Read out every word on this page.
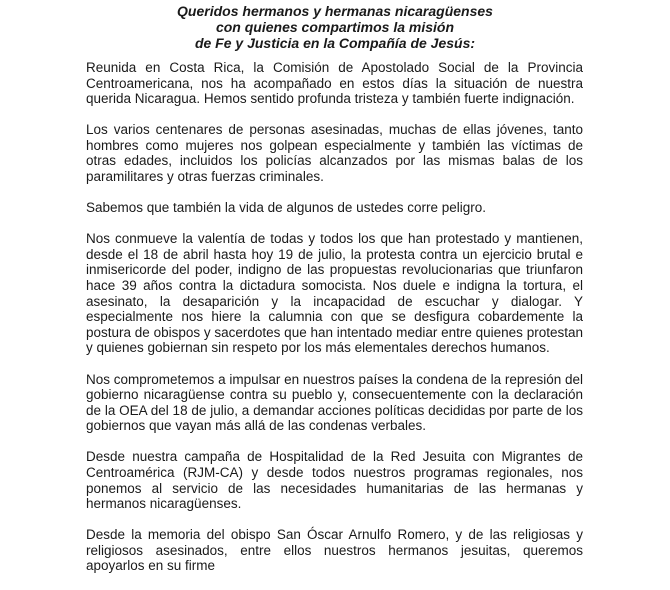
Queridos hermanos y hermanas nicaragüenses
con quienes compartimos la misión
de Fe y Justicia en la Compañía de Jesús:

Reunida en Costa Rica, la Comisión de Apostolado Social de la Provincia Centroamericana, nos ha acompañado en estos días la situación de nuestra querida Nicaragua. Hemos sentido profunda tristeza y también fuerte indignación.

Los varios centenares de personas asesinadas, muchas de ellas jóvenes, tanto hombres como mujeres nos golpean especialmente y también las víctimas de otras edades, incluidos los policías alcanzados por las mismas balas de los paramilitares y otras fuerzas criminales.

Sabemos que también la vida de algunos de ustedes corre peligro.

Nos conmueve la valentía de todas y todos los que han protestado y mantienen, desde el 18 de abril hasta hoy 19 de julio, la protesta contra un ejercicio brutal e inmisericorde del poder, indigno de las propuestas revolucionarias que triunfaron hace 39 años contra la dictadura somocista. Nos duele e indigna la tortura, el asesinato, la desaparición y la incapacidad de escuchar y dialogar. Y especialmente nos hiere la calumnia con que se desfigura cobardemente la postura de obispos y sacerdotes que han intentado mediar entre quienes protestan y quienes gobiernan sin respeto por los más elementales derechos humanos.

Nos comprometemos a impulsar en nuestros países la condena de la represión del gobierno nicaragüense contra su pueblo y, consecuentemente con la declaración de la OEA del 18 de julio, a demandar acciones políticas decididas por parte de los gobiernos que vayan más allá de las condenas verbales.

Desde nuestra campaña de Hospitalidad de la Red Jesuita con Migrantes de Centroamérica (RJM-CA) y desde todos nuestros programas regionales, nos ponemos al servicio de las necesidades humanitarias de las hermanas y hermanos nicaragüenses.

Desde la memoria del obispo San Óscar Arnulfo Romero, y de las religiosas y religiosos asesinados, entre ellos nuestros hermanos jesuitas, queremos apoyarlos en su firme
